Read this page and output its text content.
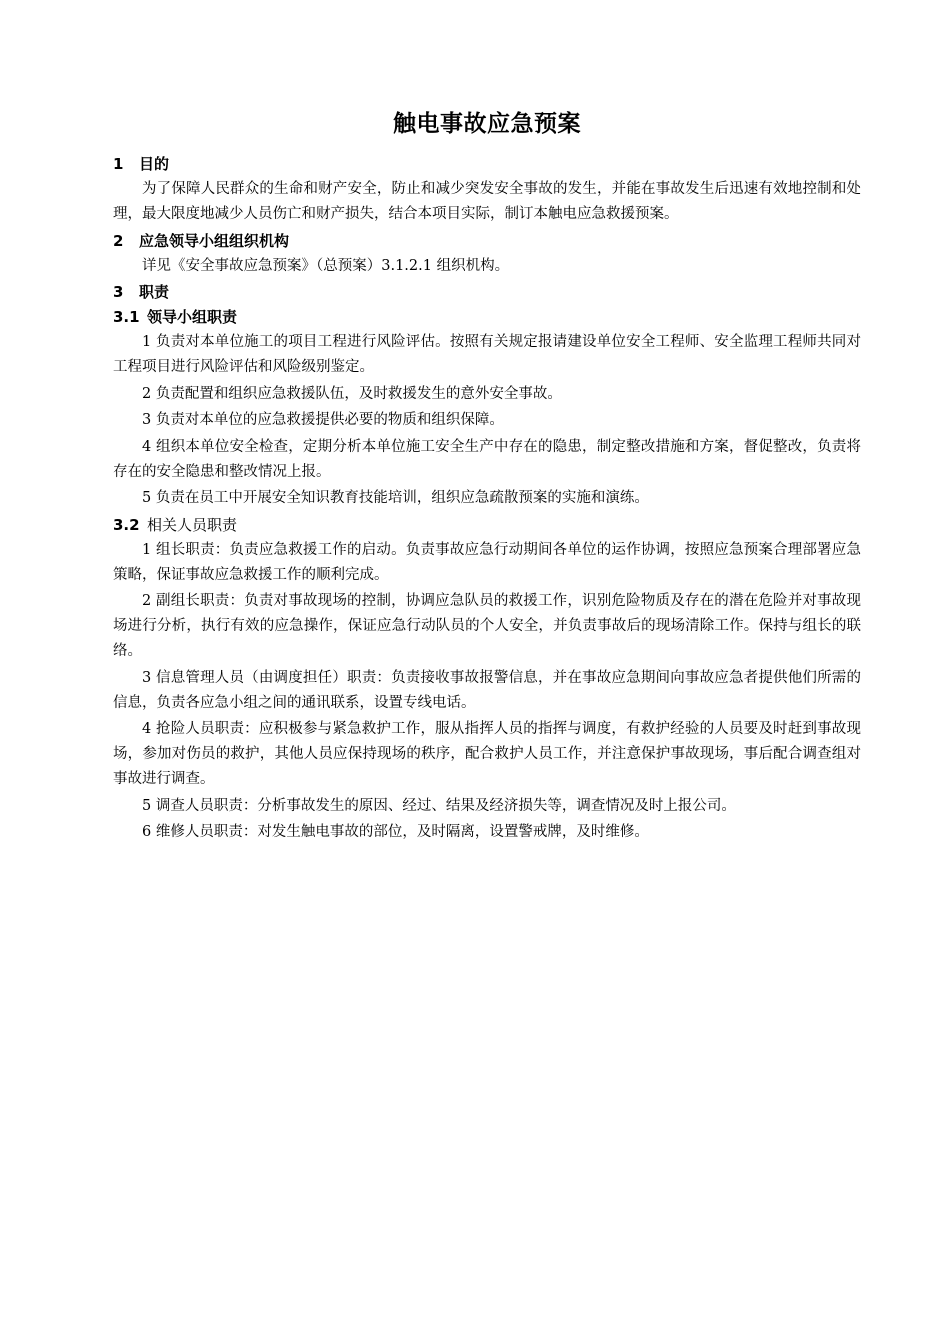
触电事故应急预案
1 目的

为了保障人民群众的生命和财产安全，防止和减少突发安全事故的发生，并能在事故发生后迅速有效地控制和处理，最大限度地减少人员伤亡和财产损失，结合本项目实际，制订本触电应急救援预案。

2 应急领导小组组织机构

详见《安全事故应急预案》（总预案）3.1.2.1 组织机构。

3 职责
3.1 领导小组职责

1 负责对本单位施工的项目工程进行风险评估。按照有关规定报请建设单位安全工程师、安全监理工程师共同对工程项目进行风险评估和风险级别鉴定。

2 负责配置和组织应急救援队伍，及时救援发生的意外安全事故。

3 负责对本单位的应急救援提供必要的物质和组织保障。

4 组织本单位安全检查，定期分析本单位施工安全生产中存在的隐患，制定整改措施和方案，督促整改，负责将存在的安全隐患和整改情况上报。

5 负责在员工中开展安全知识教育技能培训，组织应急疏散预案的实施和演练。

3.2 相关人员职责

1 组长职责：负责应急救援工作的启动。负责事故应急行动期间各单位的运作协调，按照应急预案合理部署应急策略，保证事故应急救援工作的顺利完成。

2 副组长职责：负责对事故现场的控制，协调应急队员的救援工作，识别危险物质及存在的潜在危险并对事故现场进行分析，执行有效的应急操作，保证应急行动队员的个人安全，并负责事故后的现场清除工作。保持与组长的联络。

3 信息管理人员（由调度担任）职责：负责接收事故报警信息，并在事故应急期间向事故应急者提供他们所需的信息，负责各应急小组之间的通讯联系，设置专线电话。

4 抢险人员职责：应积极参与紧急救护工作，服从指挥人员的指挥与调度，有救护经验的人员要及时赶到事故现场，参加对伤员的救护，其他人员应保持现场的秩序，配合救护人员工作，并注意保护事故现场，事后配合调查组对事故进行调查。

5 调查人员职责：分析事故发生的原因、经过、结果及经济损失等，调查情况及时上报公司。

6 维修人员职责：对发生触电事故的部位，及时隔离，设置警戒牌，及时维修。
